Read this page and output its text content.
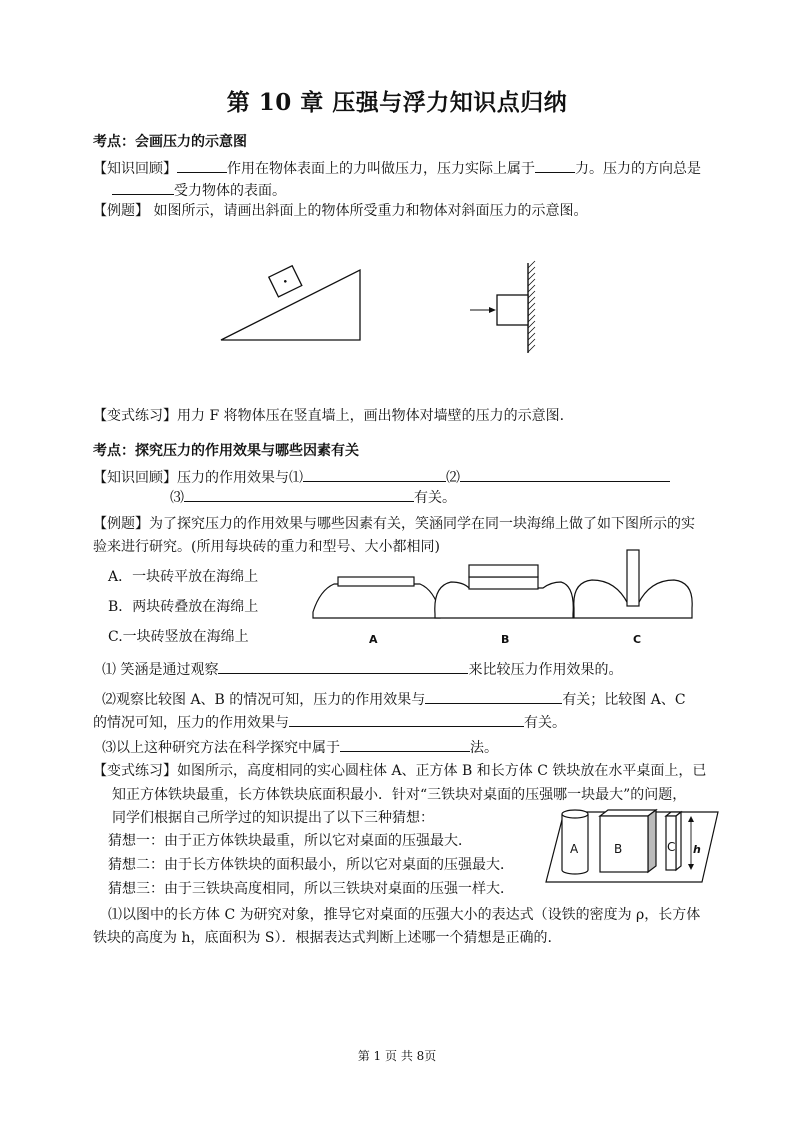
第 10 章 压强与浮力知识点归纳
考点：会画压力的示意图
【知识回顾】	作用在物体表面上的力叫做压力，压力实际上属于	力。压力的方向总是
受力物体的表面。
【例题】 如图所示，请画出斜面上的物体所受重力和物体对斜面压力的示意图。
【变式练习】用力 F 将物体压在竖直墙上，画出物体对墙壁的压力的示意图.
考点：探究压力的作用效果与哪些因素有关
【知识回顾】压力的作用效果与⑴	⑵
⑶	有关。
【例题】为了探究压力的作用效果与哪些因素有关，笑涵同学在同一块海绵上做了如下图所示的实
验来进行研究。(所用每块砖的重力和型号、大小都相同)
A．一块砖平放在海绵上
B．两块砖叠放在海绵上
C.一块砖竖放在海绵上	A	B	C
⑴ 笑涵是通过观察	来比较压力作用效果的。
⑵观察比较图 A、B 的情况可知，压力的作用效果与	有关；比较图 A、C
的情况可知，压力的作用效果与	有关。
⑶以上这种研究方法在科学探究中属于	法。
【变式练习】如图所示，高度相同的实心圆柱体 A、正方体 B 和长方体 C 铁块放在水平桌面上，已
知正方体铁块最重，长方体铁块底面积最小．针对“三铁块对桌面的压强哪一块最大”的问题，
同学们根据自己所学过的知识提出了以下三种猜想：
猜想一：由于正方体铁块最重，所以它对桌面的压强最大．
猜想二：由于长方体铁块的面积最小，所以它对桌面的压强最大．
猜想三：由于三铁块高度相同，所以三铁块对桌面的压强一样大．
A	B	C h
⑴以图中的长方体 C 为研究对象，推导它对桌面的压强大小的表达式（设铁的密度为 ρ，长方体
铁块的高度为 h，底面积为 S）．根据表达式判断上述哪一个猜想是正确的.
第 1 页 共 8页
